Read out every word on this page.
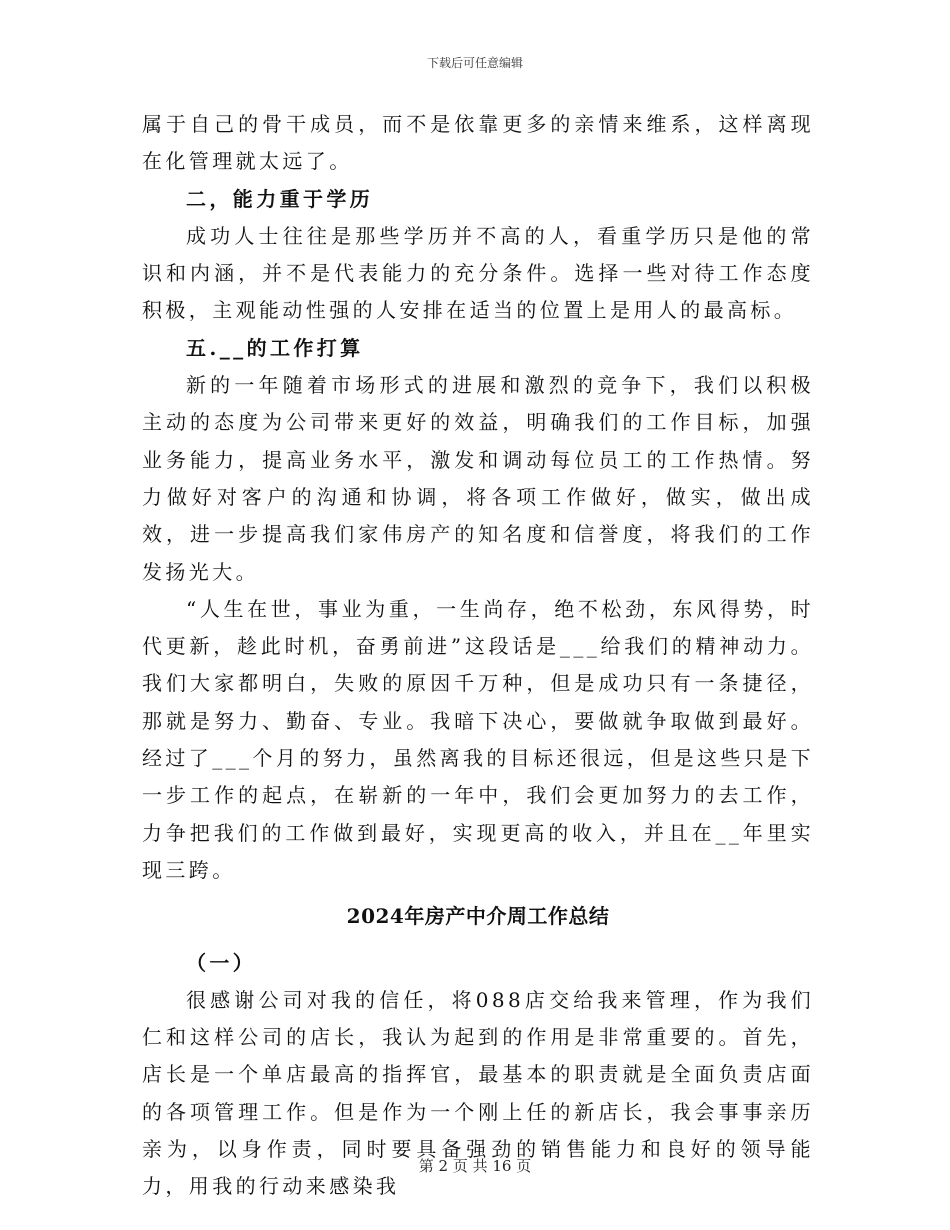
下载后可任意编辑

属于自己的骨干成员，而不是依靠更多的亲情来维系，这样离现在化管理就太远了。

二，能力重于学历

成功人士往往是那些学历并不高的人，看重学历只是他的常识和内涵，并不是代表能力的充分条件。选择一些对待工作态度积极，主观能动性强的人安排在适当的位置上是用人的最高标。

五.__的工作打算

新的一年随着市场形式的进展和激烈的竞争下，我们以积极主动的态度为公司带来更好的效益，明确我们的工作目标，加强业务能力，提高业务水平，激发和调动每位员工的工作热情。努力做好对客户的沟通和协调，将各项工作做好，做实，做出成效，进一步提高我们家伟房产的知名度和信誉度，将我们的工作发扬光大。

“人生在世，事业为重，一生尚存，绝不松劲，东风得势，时代更新，趁此时机，奋勇前进”这段话是___给我们的精神动力。我们大家都明白，失败的原因千万种，但是成功只有一条捷径，那就是努力、勤奋、专业。我暗下决心，要做就争取做到最好。经过了___个月的努力，虽然离我的目标还很远，但是这些只是下一步工作的起点，在崭新的一年中，我们会更加努力的去工作，力争把我们的工作做到最好，实现更高的收入，并且在__年里实现三跨。

2024年房产中介周工作总结

（一）

很感谢公司对我的信任，将088店交给我来管理，作为我们仁和这样公司的店长，我认为起到的作用是非常重要的。首先，店长是一个单店最高的指挥官，最基本的职责就是全面负责店面的各项管理工作。但是作为一个刚上任的新店长，我会事事亲历亲为，以身作责，同时要具备强劲的销售能力和良好的领导能力，用我的行动来感染我

第 2 页 共 16 页
